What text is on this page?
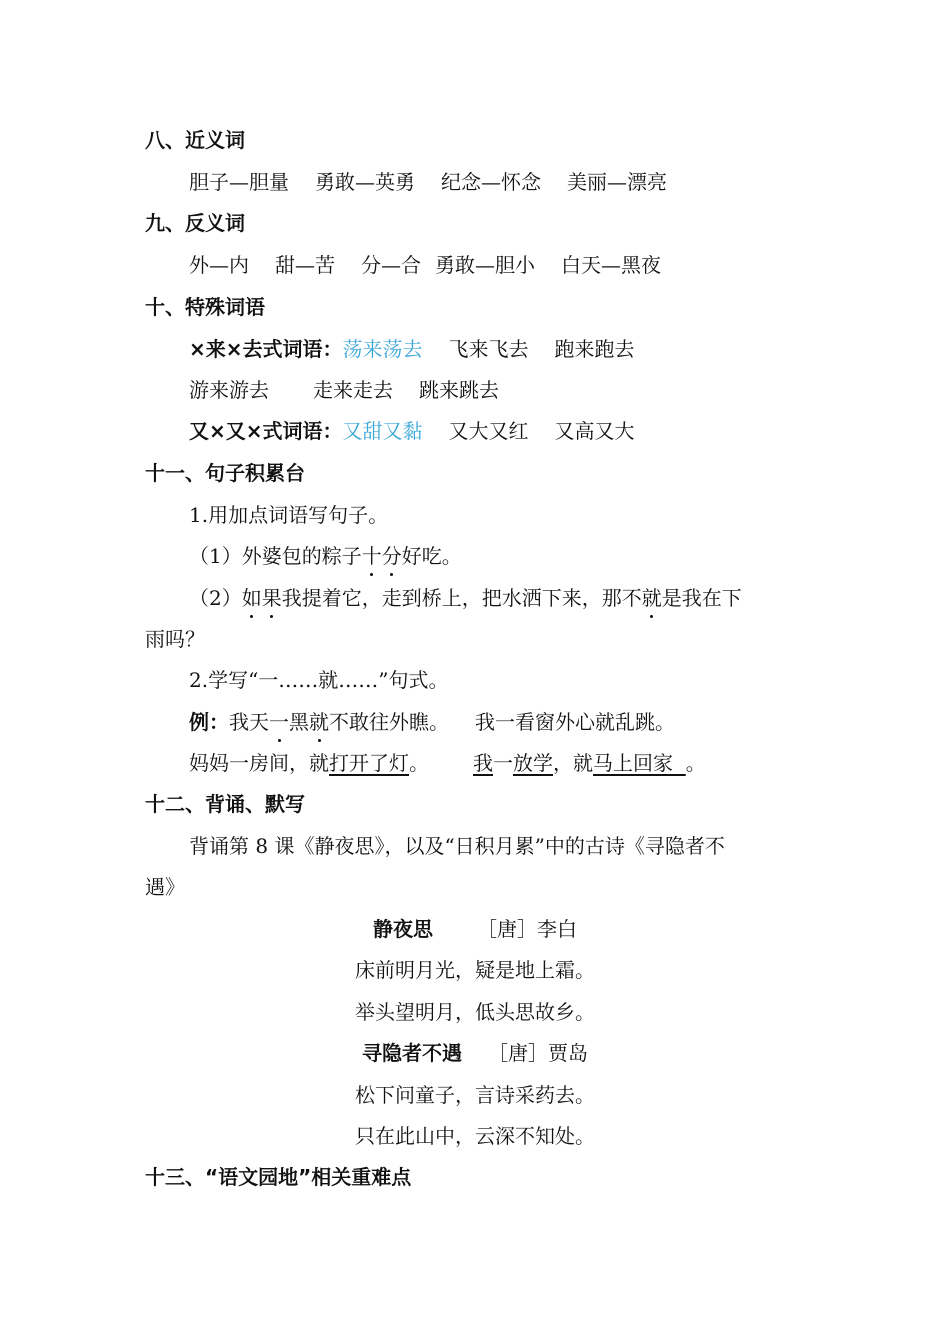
八、近义词
胆子—胆量 勇敢—英勇 纪念—怀念 美丽—漂亮
九、反义词
外—内 甜—苦 分—合 勇敢—胆小 白天—黑夜
十、特殊词语
×来×去式词语：荡来荡去 飞来飞去 跑来跑去
游来游去 走来走去 跳来跳去
又×又×式词语：又甜又黏 又大又红 又高又大
十一、句子积累台
1.用加点词语写句子。
（1）外婆包的粽子十分好吃。
（2）如果我提着它，走到桥上，把水洒下来，那不就是我在下
雨吗？
2.学写“一……就……”句式。
例：我天一黑就不敢往外瞧。 我一看窗外心就乱跳。
妈妈一房间，就打开了灯。 我一放学，就马上回家 。
十二、背诵、默写
背诵第 8 课《静夜思》，以及“日积月累”中的古诗《寻隐者不
遇》
静夜思 ［唐］李白
床前明月光，疑是地上霜。
举头望明月，低头思故乡。
寻隐者不遇 ［唐］贾岛
松下问童子，言诗采药去。
只在此山中，云深不知处。
十三、“语文园地”相关重难点
